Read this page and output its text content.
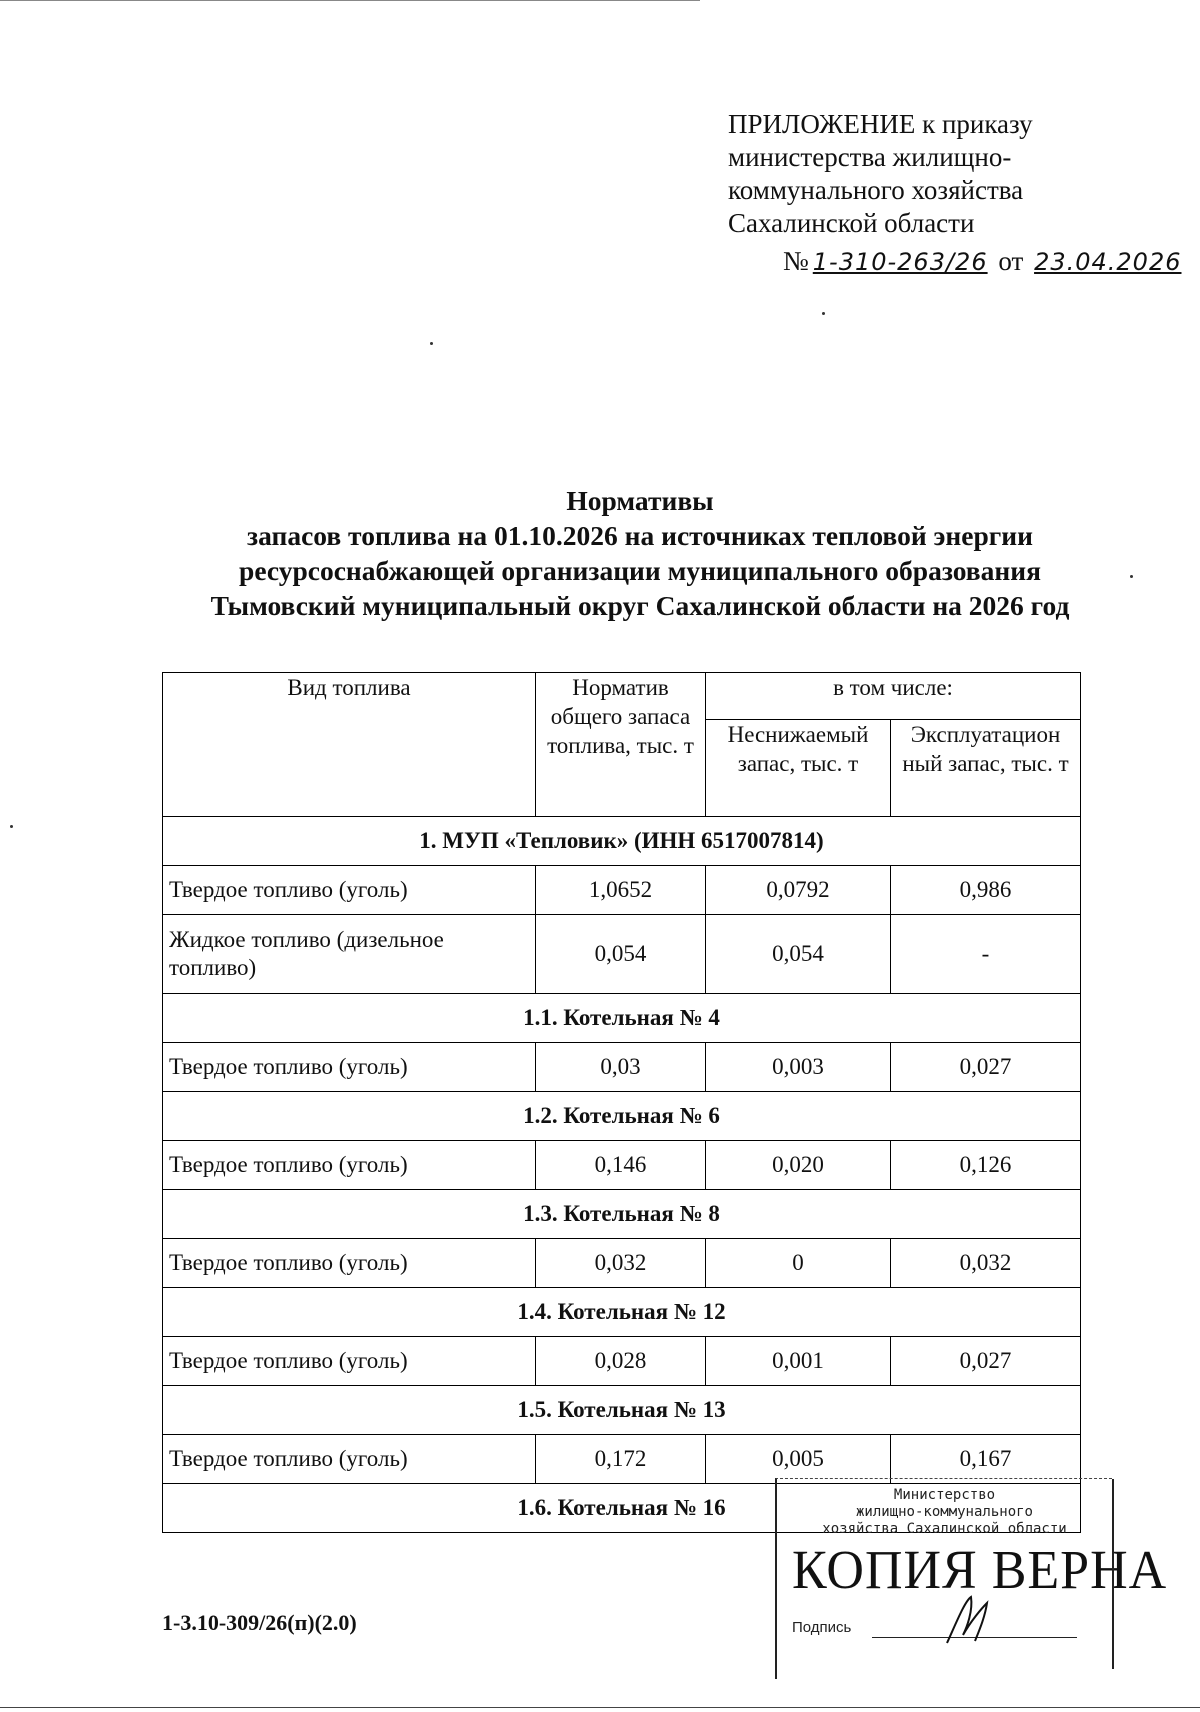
ПРИЛОЖЕНИЕ к приказу
министерства жилищно-
коммунального хозяйства
Сахалинской области
№ 1-310-263/26 от 23.04.2026
Нормативы
запасов топлива на 01.10.2026 на источниках тепловой энергии
ресурсоснабжающей организации муниципального образования
Тымовский муниципальный округ Сахалинской области на 2026 год
Вид топлива	Норматив общего запаса топлива, тыс. т	в том числе:	
		Неснижаемый запас, тыс. т	Эксплуатацион ный запас, тыс. т
1. МУП «Тепловик» (ИНН 6517007814)			
Твердое топливо (уголь)	1,0652	0,0792	0,986
Жидкое топливо (дизельное топливо)	0,054	0,054	-
1.1. Котельная № 4			
Твердое топливо (уголь)	0,03	0,003	0,027
1.2. Котельная № 6			
Твердое топливо (уголь)	0,146	0,020	0,126
1.3. Котельная № 8			
Твердое топливо (уголь)	0,032	0	0,032
1.4. Котельная № 12			
Твердое топливо (уголь)	0,028	0,001	0,027
1.5. Котельная № 13			
Твердое топливо (уголь)	0,172	0,005	0,167
1.6. Котельная № 16			
1-3.10-309/26(п)(2.0)
Министерство
жилищно-коммунального
хозяйства Сахалинской области
КОПИЯ ВЕРНА
Подпись
